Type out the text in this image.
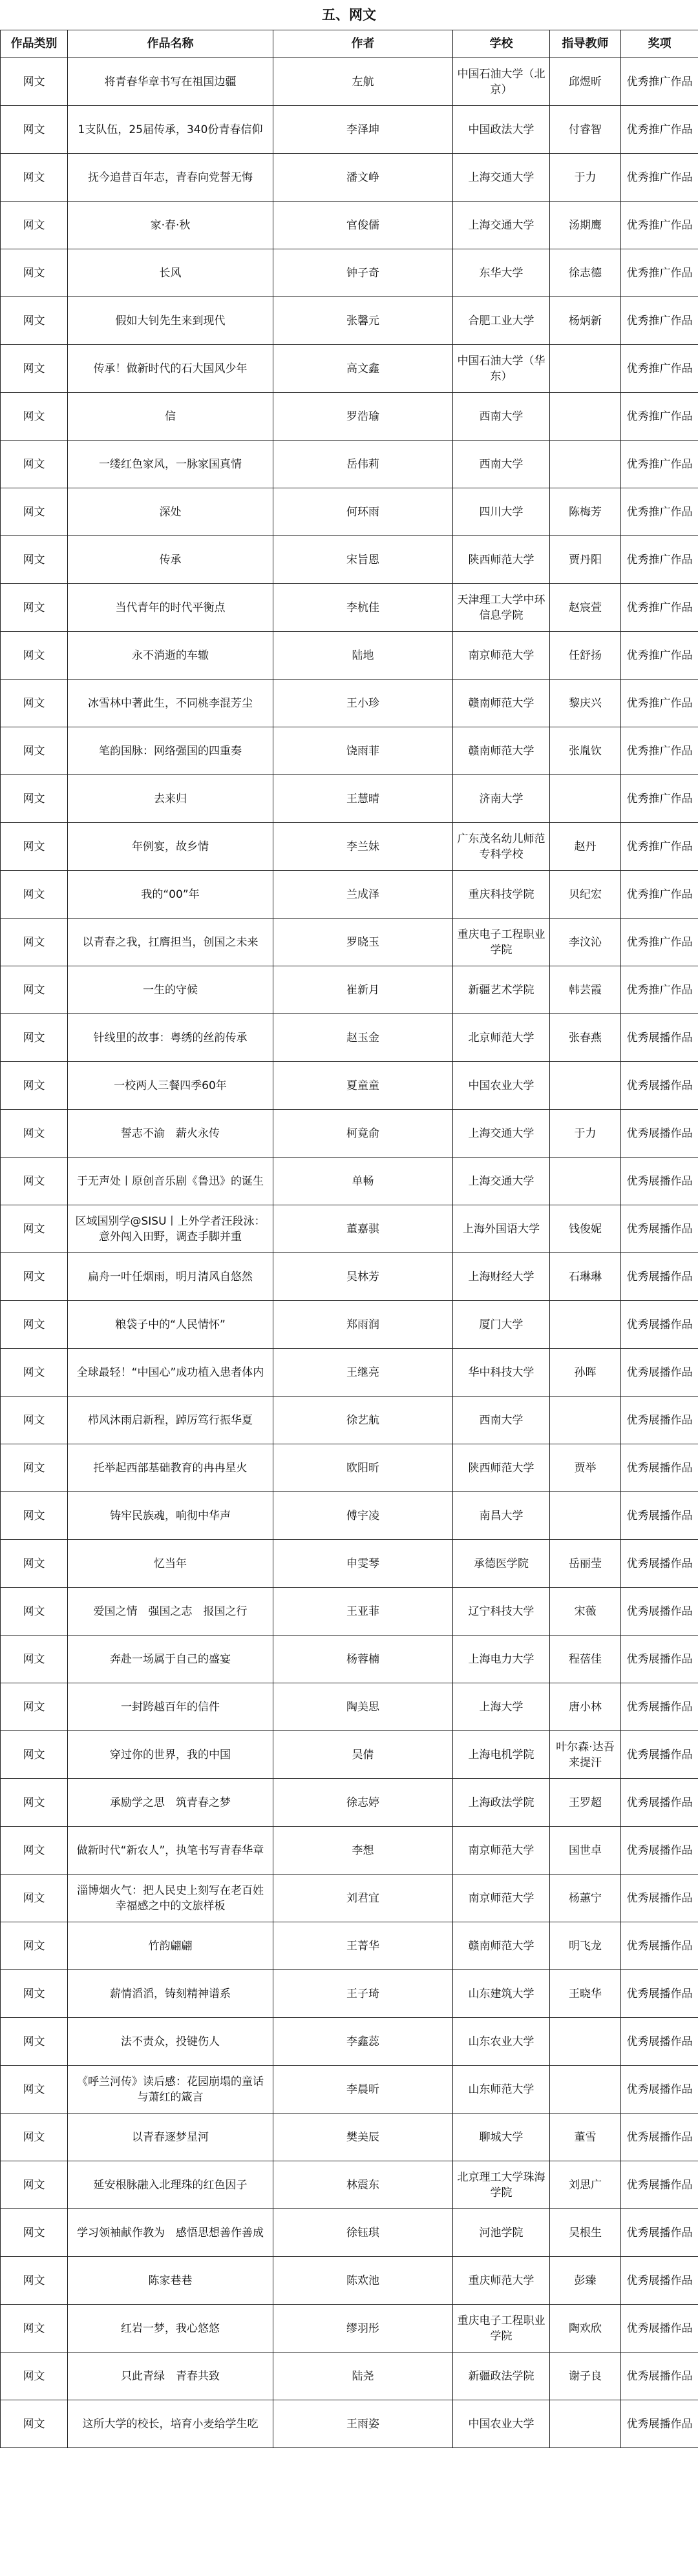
五、网文
作品类别	作品名称	作者	学校	指导教师	奖项
网文	将青春华章书写在祖国边疆	左航	中国石油大学（北京）	邱煜昕	优秀推广作品
网文	1支队伍，25届传承，340份青春信仰	李泽坤	中国政法大学	付睿智	优秀推广作品
网文	抚今追昔百年志，青春向党誓无悔	潘文峥	上海交通大学	于力	优秀推广作品
网文	家·春·秋	官俊儒	上海交通大学	汤期鹰	优秀推广作品
网文	长风	钟子奇	东华大学	徐志德	优秀推广作品
网文	假如大钊先生来到现代	张馨元	合肥工业大学	杨炳新	优秀推广作品
网文	传承！做新时代的石大国风少年	高文鑫	中国石油大学（华东）		优秀推广作品
网文	信	罗浩瑜	西南大学		优秀推广作品
网文	一缕红色家风，一脉家国真情	岳伟莉	西南大学		优秀推广作品
网文	深处	何环雨	四川大学	陈梅芳	优秀推广作品
网文	传承	宋旨恩	陕西师范大学	贾丹阳	优秀推广作品
网文	当代青年的时代平衡点	李杭佳	天津理工大学中环信息学院	赵宸萱	优秀推广作品
网文	永不消逝的车辙	陆地	南京师范大学	任舒扬	优秀推广作品
网文	冰雪林中著此生，不同桃李混芳尘	王小珍	赣南师范大学	黎庆兴	优秀推广作品
网文	笔韵国脉：网络强国的四重奏	饶雨菲	赣南师范大学	张胤钦	优秀推广作品
网文	去来归	王慧晴	济南大学		优秀推广作品
网文	年例宴，故乡情	李兰妹	广东茂名幼儿师范专科学校	赵丹	优秀推广作品
网文	我的“00”年	兰成泽	重庆科技学院	贝纪宏	优秀推广作品
网文	以青春之我，扛膺担当，创国之未来	罗晓玉	重庆电子工程职业学院	李汶沁	优秀推广作品
网文	一生的守候	崔新月	新疆艺术学院	韩芸霞	优秀推广作品
网文	针线里的故事：粤绣的丝韵传承	赵玉金	北京师范大学	张春燕	优秀展播作品
网文	一校两人三餐四季60年	夏童童	中国农业大学		优秀展播作品
网文	誓志不渝　薪火永传	柯竟俞	上海交通大学	于力	优秀展播作品
网文	于无声处丨原创音乐剧《鲁迅》的诞生	单畅	上海交通大学		优秀展播作品
网文	区域国别学@SISU丨上外学者汪段泳：意外闯入田野，调查手脚并重	董嘉骐	上海外国语大学	钱俊妮	优秀展播作品
网文	扁舟一叶任烟雨，明月清风自悠然	吴林芳	上海财经大学	石琳琳	优秀展播作品
网文	粮袋子中的“人民情怀”	郑雨润	厦门大学		优秀展播作品
网文	全球最轻！“中国心”成功植入患者体内	王继亮	华中科技大学	孙晖	优秀展播作品
网文	栉风沐雨启新程，踔厉笃行振华夏	徐艺航	西南大学		优秀展播作品
网文	托举起西部基础教育的冉冉星火	欧阳昕	陕西师范大学	贾举	优秀展播作品
网文	铸牢民族魂，响彻中华声	傅宇凌	南昌大学		优秀展播作品
网文	忆当年	申雯琴	承德医学院	岳丽莹	优秀展播作品
网文	爱国之情　强国之志　报国之行	王亚菲	辽宁科技大学	宋薇	优秀展播作品
网文	奔赴一场属于自己的盛宴	杨蓉楠	上海电力大学	程蓓佳	优秀展播作品
网文	一封跨越百年的信件	陶美思	上海大学	唐小林	优秀展播作品
网文	穿过你的世界，我的中国	吴倩	上海电机学院	叶尔森·达吾来提汗	优秀展播作品
网文	承励学之思　筑青春之梦	徐志婷	上海政法学院	王罗超	优秀展播作品
网文	做新时代“新农人”，执笔书写青春华章	李想	南京师范大学	国世卓	优秀展播作品
网文	淄博烟火气：把人民史上刻写在老百姓幸福感之中的文旅样板	刘君宜	南京师范大学	杨蕙宁	优秀展播作品
网文	竹韵翩翩	王菁华	赣南师范大学	明飞龙	优秀展播作品
网文	薪情滔滔，铸刻精神谱系	王子琦	山东建筑大学	王晓华	优秀展播作品
网文	法不责众，投键伤人	李鑫蕊	山东农业大学		优秀展播作品
网文	《呼兰河传》读后感：花园崩塌的童话与萧红的箴言	李晨昕	山东师范大学		优秀展播作品
网文	以青春逐梦星河	樊美辰	聊城大学	董雪	优秀展播作品
网文	延安根脉融入北理珠的红色因子	林震东	北京理工大学珠海学院	刘思广	优秀展播作品
网文	学习领袖献作教为　感悟思想善作善成	徐钰琪	河池学院	吴根生	优秀展播作品
网文	陈家巷巷	陈欢池	重庆师范大学	彭臻	优秀展播作品
网文	红岩一梦，我心悠悠	缪羽彤	重庆电子工程职业学院	陶欢欣	优秀展播作品
网文	只此青绿　青春共致	陆尧	新疆政法学院	谢子良	优秀展播作品
网文	这所大学的校长，培育小麦给学生吃	王雨姿	中国农业大学		优秀展播作品
